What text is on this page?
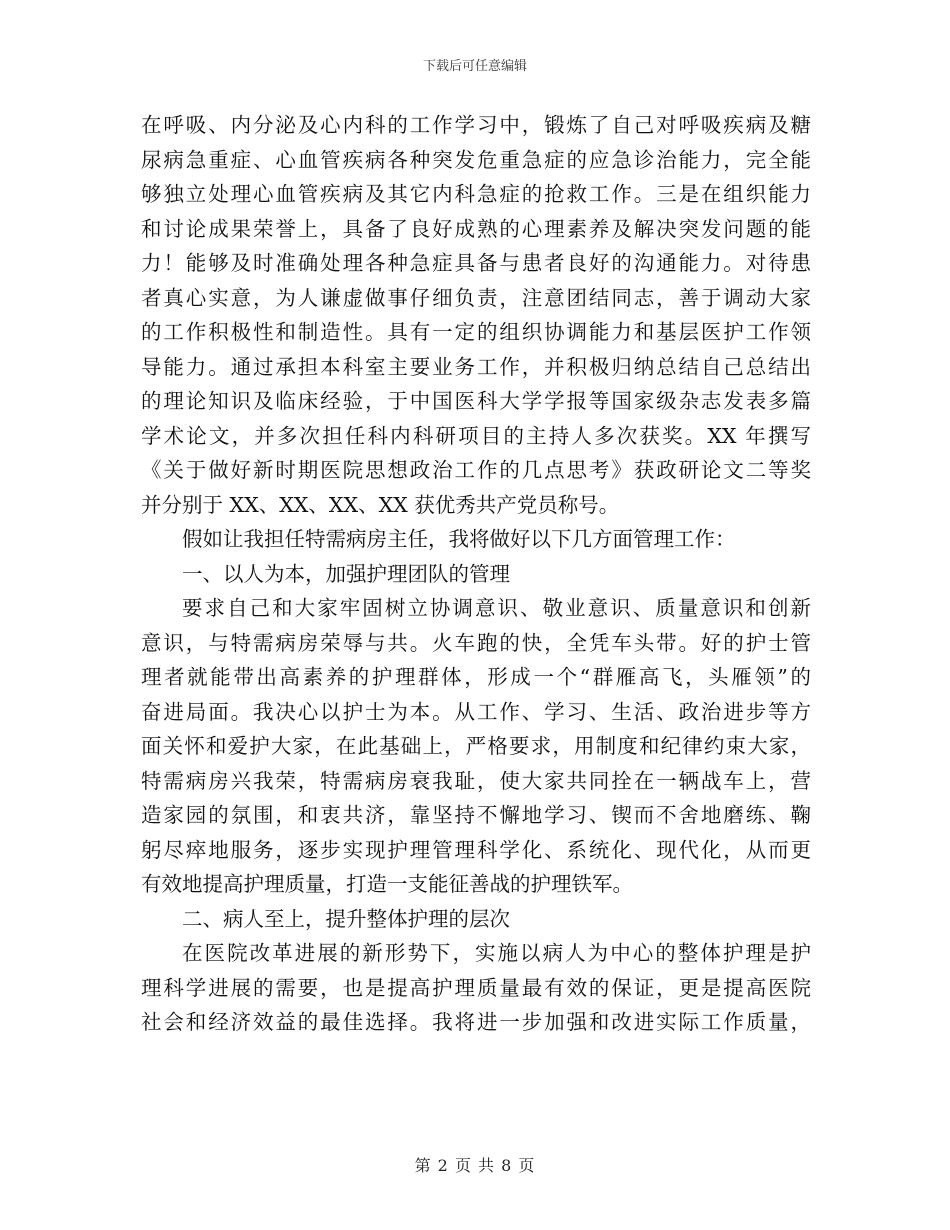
下载后可任意编辑
在呼吸、内分泌及心内科的工作学习中，锻炼了自己对呼吸疾病及糖
尿病急重症、心血管疾病各种突发危重急症的应急诊治能力，完全能
够独立处理心血管疾病及其它内科急症的抢救工作。三是在组织能力
和讨论成果荣誉上，具备了良好成熟的心理素养及解决突发问题的能
力！能够及时准确处理各种急症具备与患者良好的沟通能力。对待患
者真心实意，为人谦虚做事仔细负责，注意团结同志，善于调动大家
的工作积极性和制造性。具有一定的组织协调能力和基层医护工作领
导能力。通过承担本科室主要业务工作，并积极归纳总结自己总结出
的理论知识及临床经验，于中国医科大学学报等国家级杂志发表多篇
学术论文，并多次担任科内科研项目的主持人多次获奖。XX 年撰写
《关于做好新时期医院思想政治工作的几点思考》获政研论文二等奖
并分别于 XX、XX、XX、XX 获优秀共产党员称号。
假如让我担任特需病房主任，我将做好以下几方面管理工作：
一、以人为本，加强护理团队的管理
要求自己和大家牢固树立协调意识、敬业意识、质量意识和创新
意识，与特需病房荣辱与共。火车跑的快，全凭车头带。好的护士管
理者就能带出高素养的护理群体，形成一个“群雁高飞，头雁领”的
奋进局面。我决心以护士为本。从工作、学习、生活、政治进步等方
面关怀和爱护大家，在此基础上，严格要求，用制度和纪律约束大家，
特需病房兴我荣，特需病房衰我耻，使大家共同拴在一辆战车上，营
造家园的氛围，和衷共济，靠坚持不懈地学习、锲而不舍地磨练、鞠
躬尽瘁地服务，逐步实现护理管理科学化、系统化、现代化，从而更
有效地提高护理质量，打造一支能征善战的护理铁军。
二、病人至上，提升整体护理的层次
在医院改革进展的新形势下，实施以病人为中心的整体护理是护
理科学进展的需要，也是提高护理质量最有效的保证，更是提高医院
社会和经济效益的最佳选择。我将进一步加强和改进实际工作质量，
第 2 页 共 8 页
